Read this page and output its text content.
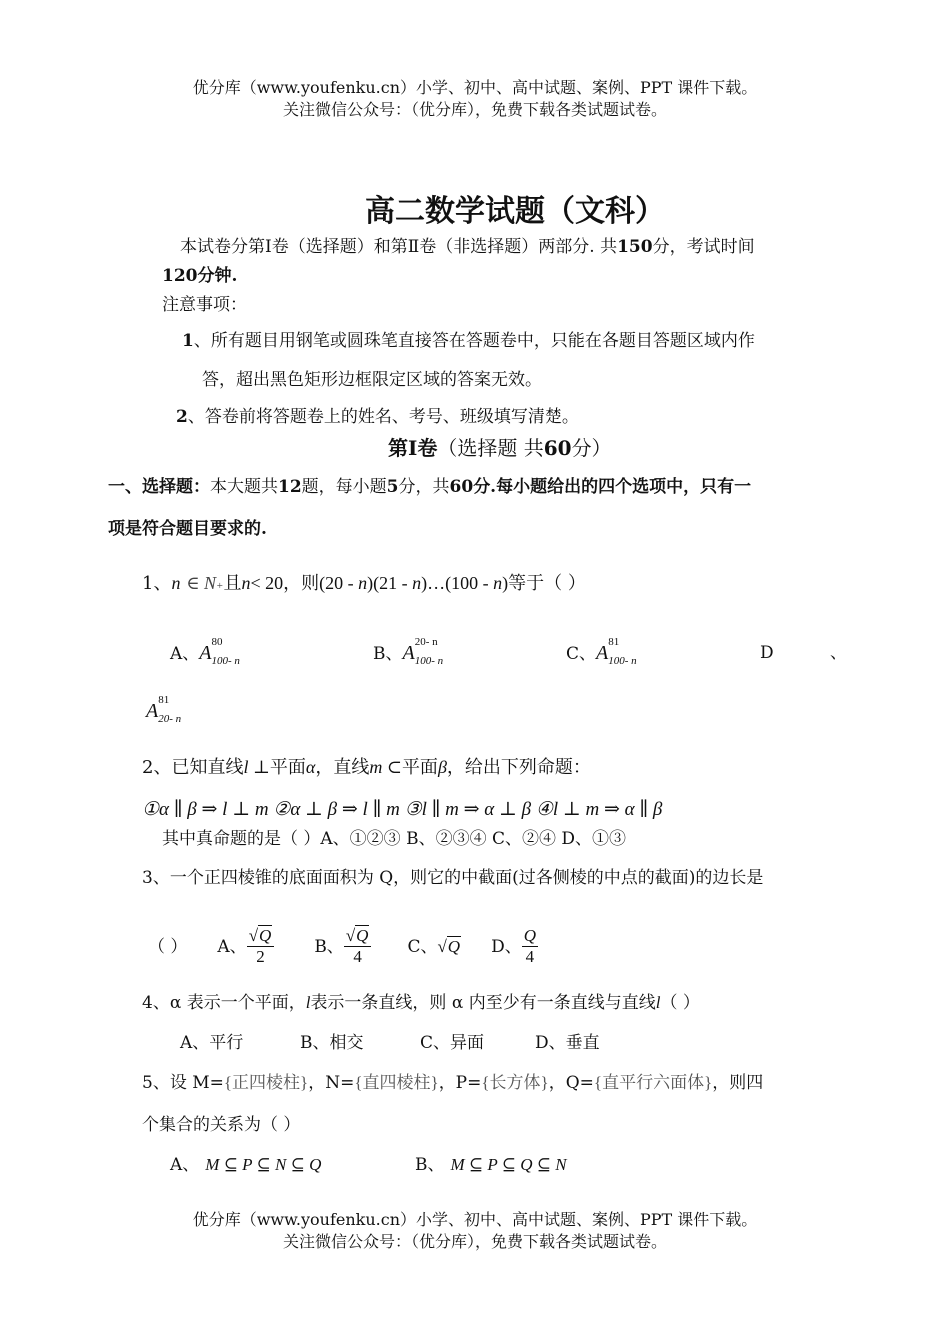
优分库（www.youfenku.cn）小学、初中、高中试题、案例、PPT 课件下载。
关注微信公众号：（优分库），免费下载各类试题试卷。
高二数学试题（文科）
本试卷分第Ⅰ卷（选择题）和第Ⅱ卷（非选择题）两部分. 共150分，考试时间
120分钟.
注意事项：
1、所有题目用钢笔或圆珠笔直接答在答题卷中，只能在各题目答题区域内作
答，超出黑色矩形边框限定区域的答案无效。
2、答卷前将答题卷上的姓名、考号、班级填写清楚。
第Ⅰ卷（选择题 共60分）
一、选择题：本大题共12题，每小题5分，共60分.每小题给出的四个选项中，只有一
项是符合题目要求的.
1、n ∈ N+且n< 20，则(20 - n)(21 - n)…(100 - n)等于（ ）
A、A 80
$_{100- n}$	B、A 20- n
$_{100- n}$	C、A 81
$_{100- n}$	D	、
A 81
$_{20- n}$
2、已知直线l ⊥平面α，直线m ⊂平面β，给出下列命题：
①α ∥ β ⇒ l ⊥ m ②α ⊥ β ⇒ l ∥ m ③l ∥ m ⇒ α ⊥ β ④l ⊥ m ⇒ α ∥ β
其中真命题的是（ ）A、①②③ B、②③④ C、②④ D、①③
3、一个正四棱锥的底面面积为 Q，则它的中截面(过各侧棱的中点的截面)的边长是
（ ） A、 $\frac{√Q}{2}$ B、 $\frac{√Q}{4}$ C、 √Q D、 $\frac{Q}{4}$
4、α 表示一个平面，l表示一条直线，则 α 内至少有一条直线与直线l（ ）
A、平行	B、相交	C、异面	D、垂直
5、设 M={正四棱柱}，N={直四棱柱}，P={长方体}，Q={直平行六面体}，则四
个集合的关系为（ ）
A、 M ⊆ P ⊆ N ⊆ Q	B、 M ⊆ P ⊆ Q ⊆ N
优分库（www.youfenku.cn）小学、初中、高中试题、案例、PPT 课件下载。
关注微信公众号：（优分库），免费下载各类试题试卷。
